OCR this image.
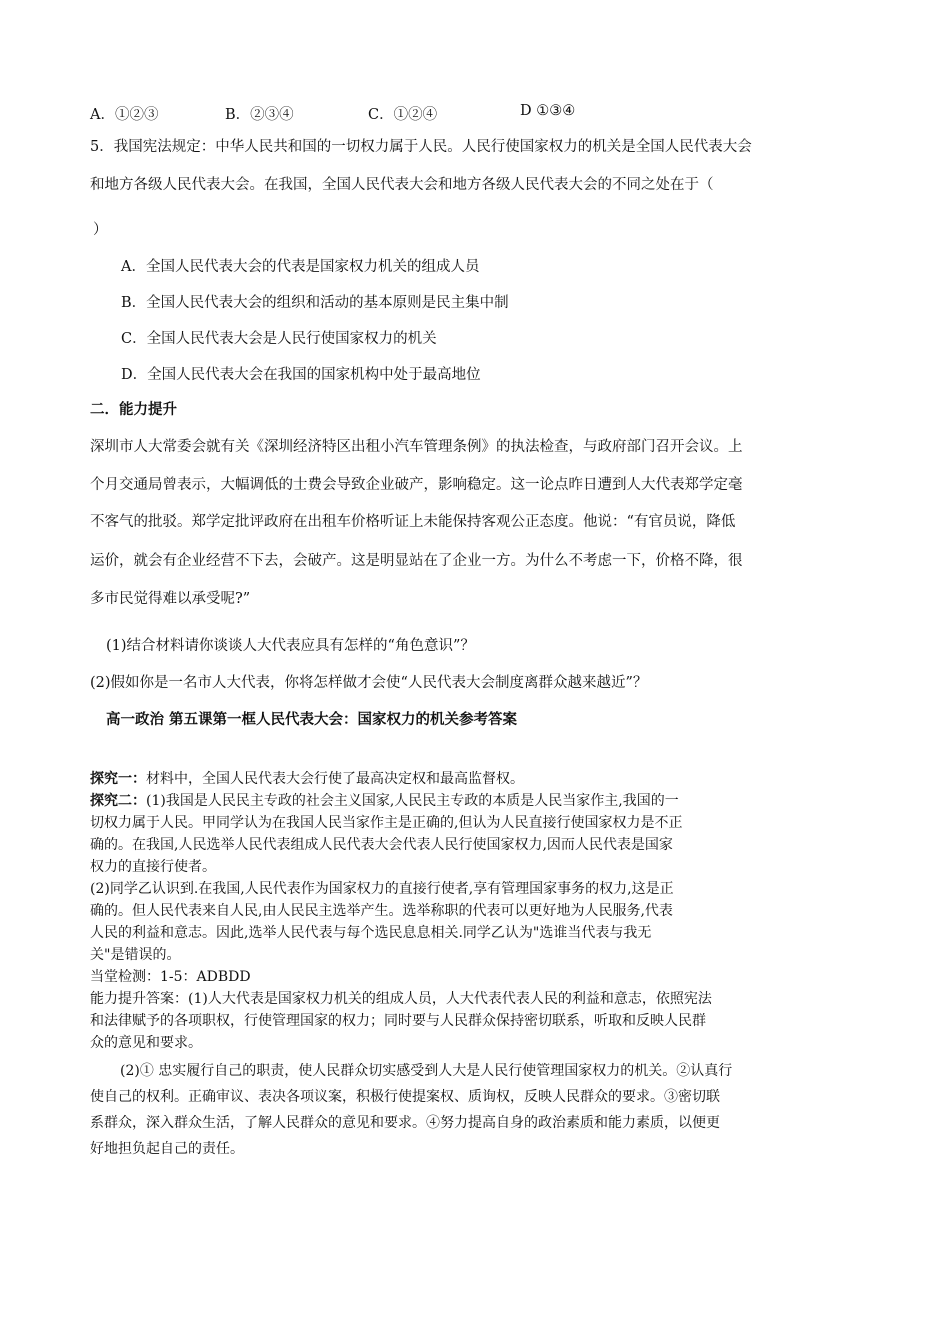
A．①②③	B．②③④	C．①②④	D ①③④
5．我国宪法规定：中华人民共和国的一切权力属于人民。人民行使国家权力的机关是全国人民代表大会
和地方各级人民代表大会。在我国，全国人民代表大会和地方各级人民代表大会的不同之处在于（
）
A．全国人民代表大会的代表是国家权力机关的组成人员
B．全国人民代表大会的组织和活动的基本原则是民主集中制
C．全国人民代表大会是人民行使国家权力的机关
D．全国人民代表大会在我国的国家机构中处于最高地位
二．能力提升
深圳市人大常委会就有关《深圳经济特区出租小汽车管理条例》的执法检查，与政府部门召开会议。上
个月交通局曾表示，大幅调低的士费会导致企业破产，影响稳定。这一论点昨日遭到人大代表郑学定毫
不客气的批驳。郑学定批评政府在出租车价格听证上未能保持客观公正态度。他说：“有官员说，降低
运价，就会有企业经营不下去，会破产。这是明显站在了企业一方。为什么不考虑一下，价格不降，很
多市民觉得难以承受呢?”
(1)结合材料请你谈谈人大代表应具有怎样的“角色意识”？
(2)假如你是一名市人大代表，你将怎样做才会使“人民代表大会制度离群众越来越近”？
高一政治 第五课第一框人民代表大会：国家权力的机关参考答案
探究一：材料中，全国人民代表大会行使了最高决定权和最高监督权。
探究二：(1)我国是人民民主专政的社会主义国家,人民民主专政的本质是人民当家作主,我国的一
切权力属于人民。甲同学认为在我国人民当家作主是正确的,但认为人民直接行使国家权力是不正
确的。在我国,人民选举人民代表组成人民代表大会代表人民行使国家权力,因而人民代表是国家
权力的直接行使者。
(2)同学乙认识到.在我国,人民代表作为国家权力的直接行使者,享有管理国家事务的权力,这是正
确的。但人民代表来自人民,由人民民主选举产生。选举称职的代表可以更好地为人民服务,代表
人民的利益和意志。因此,选举人民代表与每个选民息息相关.同学乙认为"选谁当代表与我无
关"是错误的。
当堂检测：1-5：ADBDD
能力提升答案：(1)人大代表是国家权力机关的组成人员，人大代表代表人民的利益和意志，依照宪法
和法律赋予的各项职权，行使管理国家的权力；同时要与人民群众保持密切联系，听取和反映人民群
众的意见和要求。
(2)① 忠实履行自己的职责，使人民群众切实感受到人大是人民行使管理国家权力的机关。②认真行
使自己的权利。正确审议、表决各项议案，积极行使提案权、质询权，反映人民群众的要求。③密切联
系群众，深入群众生活，了解人民群众的意见和要求。④努力提高自身的政治素质和能力素质，以便更
好地担负起自己的责任。
